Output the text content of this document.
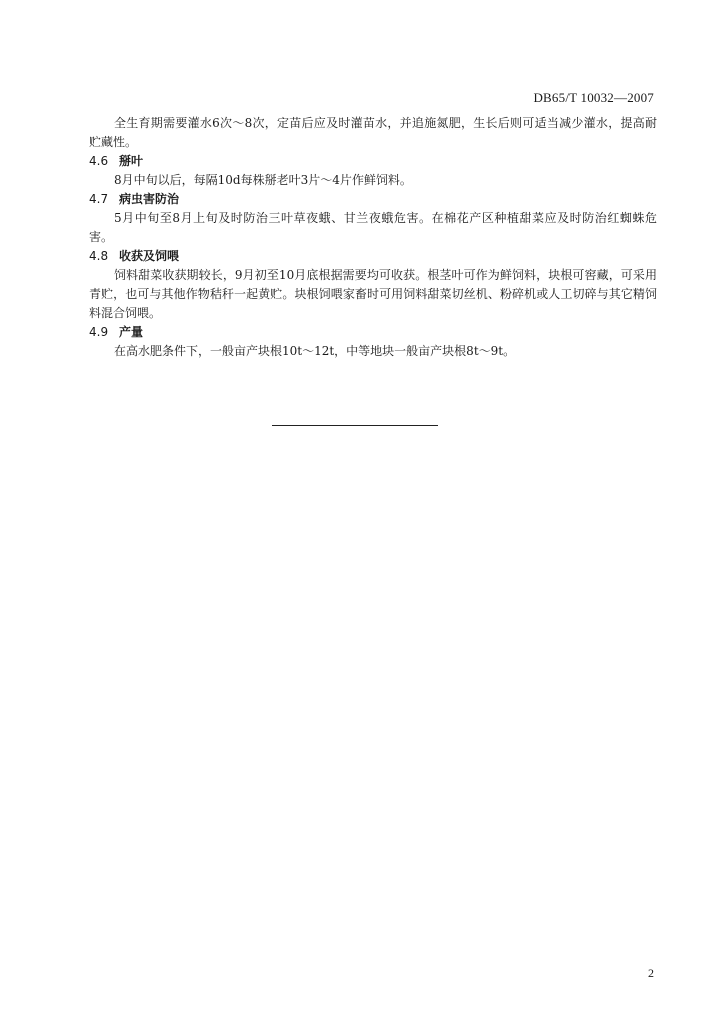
DB65/T 10032—2007

全生育期需要灌水6次～8次，定苗后应及时灌苗水，并追施氮肥，生长后则可适当减少灌水，提高耐贮藏性。

4.6 掰叶

8月中旬以后，每隔10d每株掰老叶3片～4片作鲜饲料。

4.7 病虫害防治

5月中旬至8月上旬及时防治三叶草夜蛾、甘兰夜蛾危害。在棉花产区种植甜菜应及时防治红蜘蛛危害。

4.8 收获及饲喂

饲料甜菜收获期较长，9月初至10月底根据需要均可收获。根茎叶可作为鲜饲料，块根可窖藏，可采用青贮，也可与其他作物秸秆一起黄贮。块根饲喂家畜时可用饲料甜菜切丝机、粉碎机或人工切碎与其它精饲料混合饲喂。

4.9 产量

在高水肥条件下，一般亩产块根10t～12t，中等地块一般亩产块根8t～9t。

2
